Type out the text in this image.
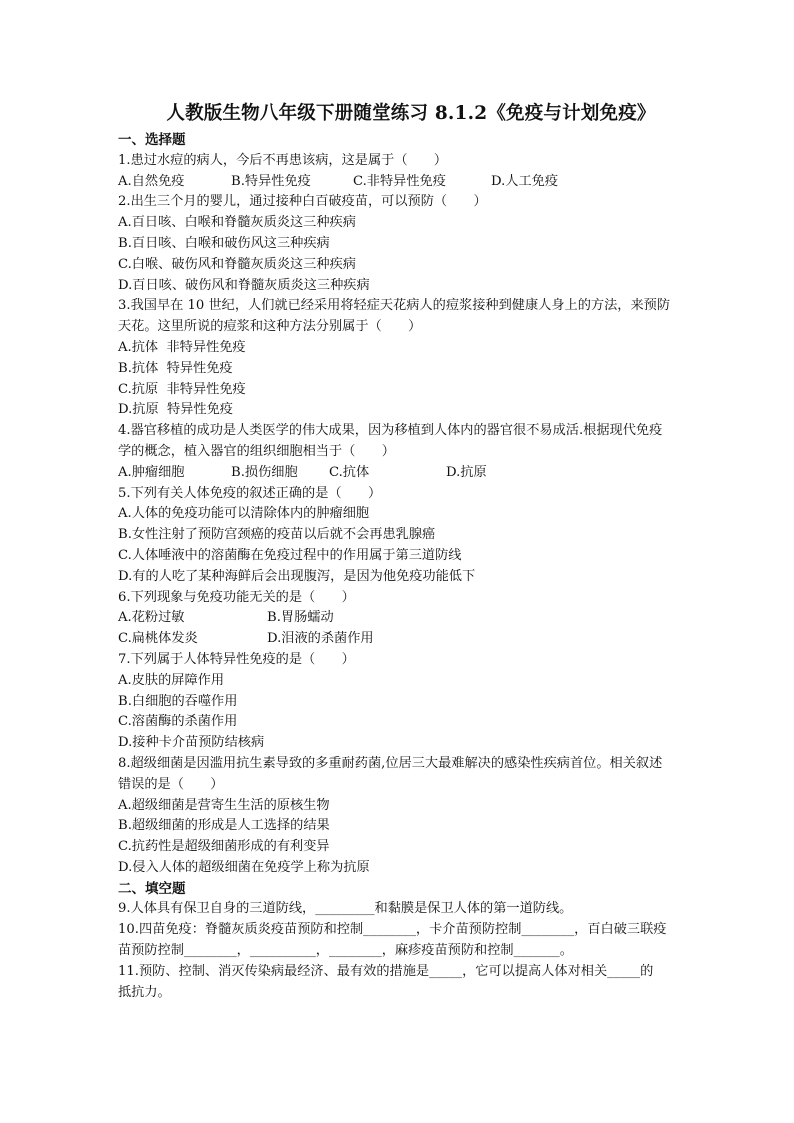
人教版生物八年级下册随堂练习 8.1.2《免疫与计划免疫》
一、选择题
1.患过水痘的病人，今后不再患该病，这是属于（　　）
A.自然免疫	B.特异性免疫	C.非特异性免疫	D.人工免疫
2.出生三个月的婴儿，通过接种白百破疫苗，可以预防（　　）
A.百日咳、白喉和脊髓灰质炎这三种疾病
B.百日咳、白喉和破伤风这三种疾病
C.白喉、破伤风和脊髓灰质炎这三种疾病
D.百日咳、破伤风和脊髓灰质炎这三种疾病
3.我国早在 10 世纪，人们就已经采用将轻症天花病人的痘浆接种到健康人身上的方法，来预防
天花。这里所说的痘浆和这种方法分别属于（　　）
A.抗体  非特异性免疫
B.抗体  特异性免疫
C.抗原  非特异性免疫
D.抗原  特异性免疫
4.器官移植的成功是人类医学的伟大成果，因为移植到人体内的器官很不易成活.根据现代免疫
学的概念，植入器官的组织细胞相当于（　　）
A.肿瘤细胞	B.损伤细胞	C.抗体	D.抗原
5.下列有关人体免疫的叙述正确的是（　　）
A.人体的免疫功能可以清除体内的肿瘤细胞
B.女性注射了预防宫颈癌的疫苗以后就不会再患乳腺癌
C.人体唾液中的溶菌酶在免疫过程中的作用属于第三道防线
D.有的人吃了某种海鲜后会出现腹泻，是因为他免疫功能低下
6.下列现象与免疫功能无关的是（　　）
A.花粉过敏	B.胃肠蠕动
C.扁桃体发炎	D.泪液的杀菌作用
7.下列属于人体特异性免疫的是（　　）
A.皮肤的屏障作用
B.白细胞的吞噬作用
C.溶菌酶的杀菌作用
D.接种卡介苗预防结核病
8.超级细菌是因滥用抗生素导致的多重耐药菌,位居三大最难解决的感染性疾病首位。相关叙述
错误的是（　　）
A.超级细菌是营寄生生活的原核生物
B.超级细菌的形成是人工选择的结果
C.抗药性是超级细菌形成的有利变异
D.侵入人体的超级细菌在免疫学上称为抗原
二、填空题
9.人体具有保卫自身的三道防线，_________和黏膜是保卫人体的第一道防线。
10.四苗免疫：脊髓灰质炎疫苗预防和控制________，卡介苗预防控制________，百白破三联疫
苗预防控制________，__________，________，麻疹疫苗预防和控制_______。
11.预防、控制、消灭传染病最经济、最有效的措施是_____，它可以提高人体对相关_____的
抵抗力。
